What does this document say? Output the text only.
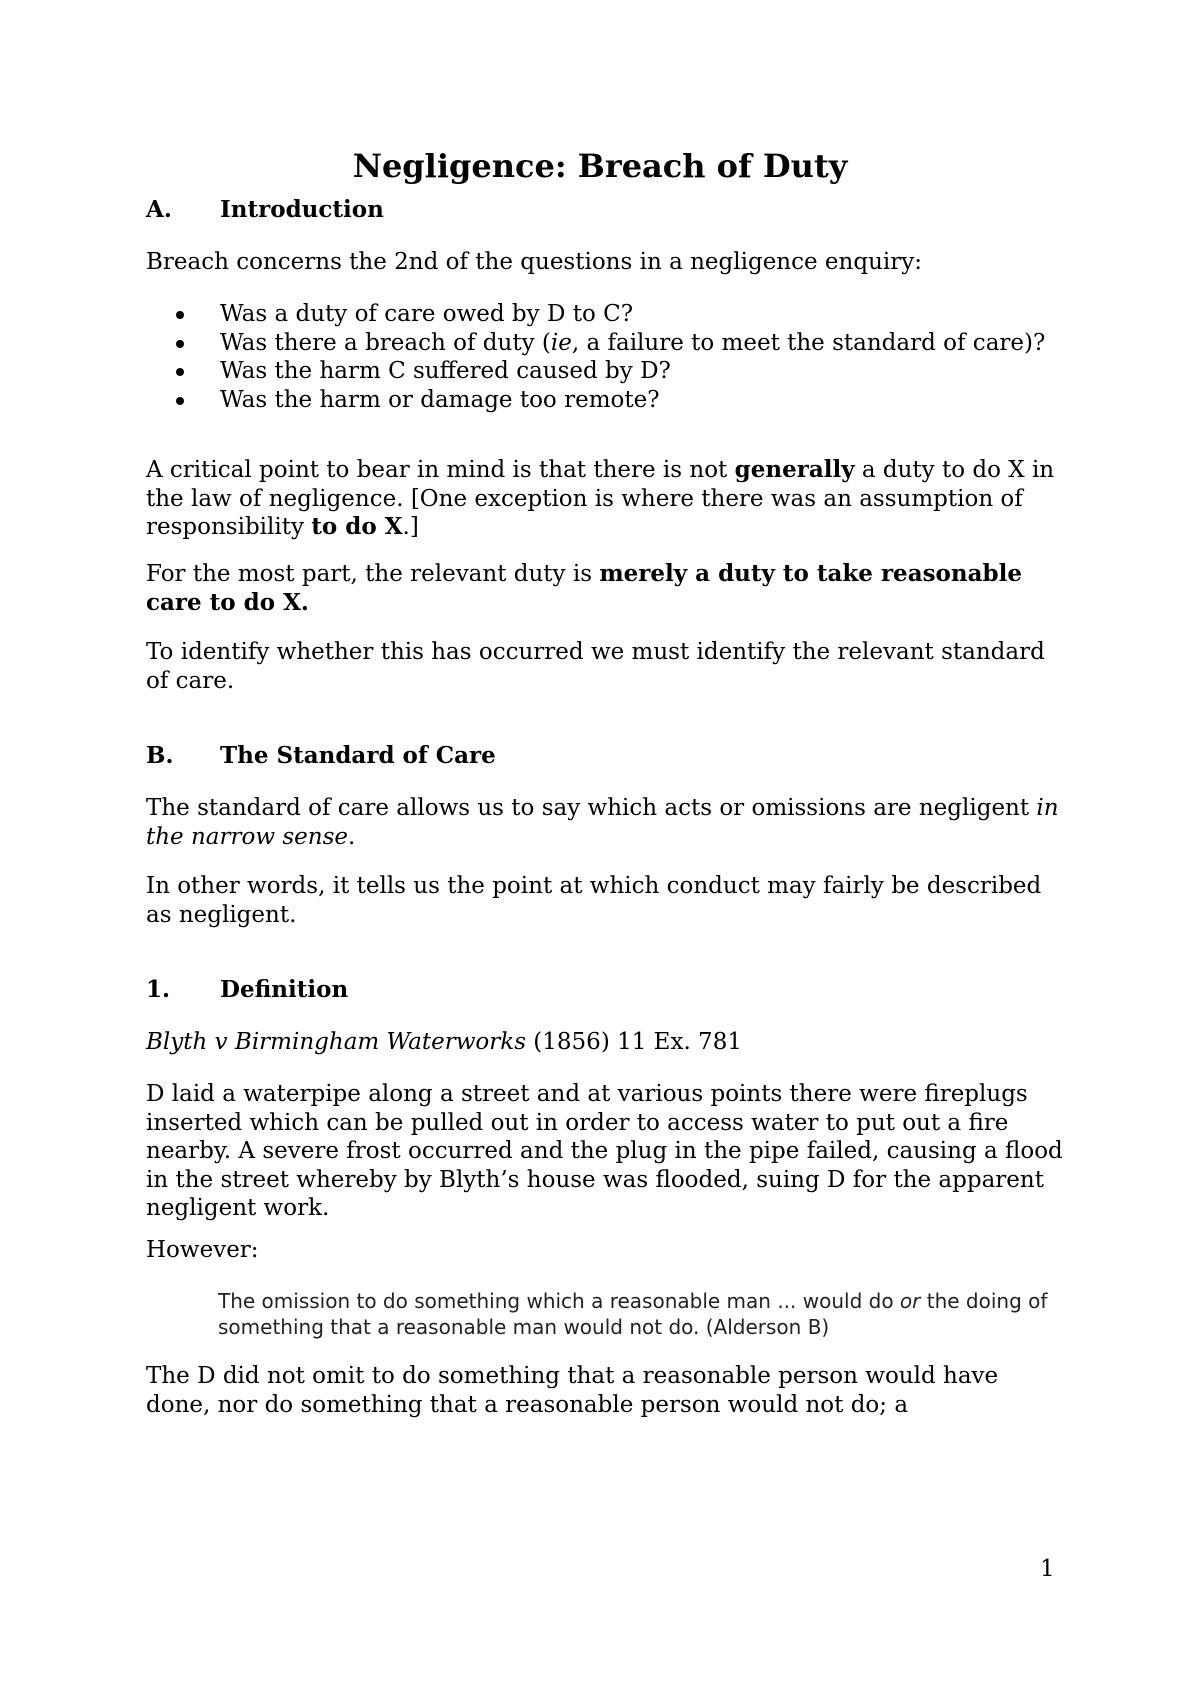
Negligence: Breach of Duty
A.	Introduction

Breach concerns the 2nd of the questions in a negligence enquiry:

Was a duty of care owed by D to C?
Was there a breach of duty (ie, a failure to meet the standard of care)?
Was the harm C suffered caused by D?
Was the harm or damage too remote?

A critical point to bear in mind is that there is not generally a duty to do X in the law of negligence. [One exception is where there was an assumption of responsibility to do X.]

For the most part, the relevant duty is merely a duty to take reasonable care to do X.

To identify whether this has occurred we must identify the relevant standard of care.

B.	The Standard of Care

The standard of care allows us to say which acts or omissions are negligent in the narrow sense.

In other words, it tells us the point at which conduct may fairly be described as negligent.

1.	Definition

Blyth v Birmingham Waterworks (1856) 11 Ex. 781

D laid a waterpipe along a street and at various points there were fireplugs inserted which can be pulled out in order to access water to put out a fire nearby. A severe frost occurred and the plug in the pipe failed, causing a flood in the street whereby by Blyth’s house was flooded, suing D for the apparent negligent work.

However:

The omission to do something which a reasonable man ... would do or the doing of something that a reasonable man would not do. (Alderson B)

The D did not omit to do something that a reasonable person would have done, nor do something that a reasonable person would not do; a

1
